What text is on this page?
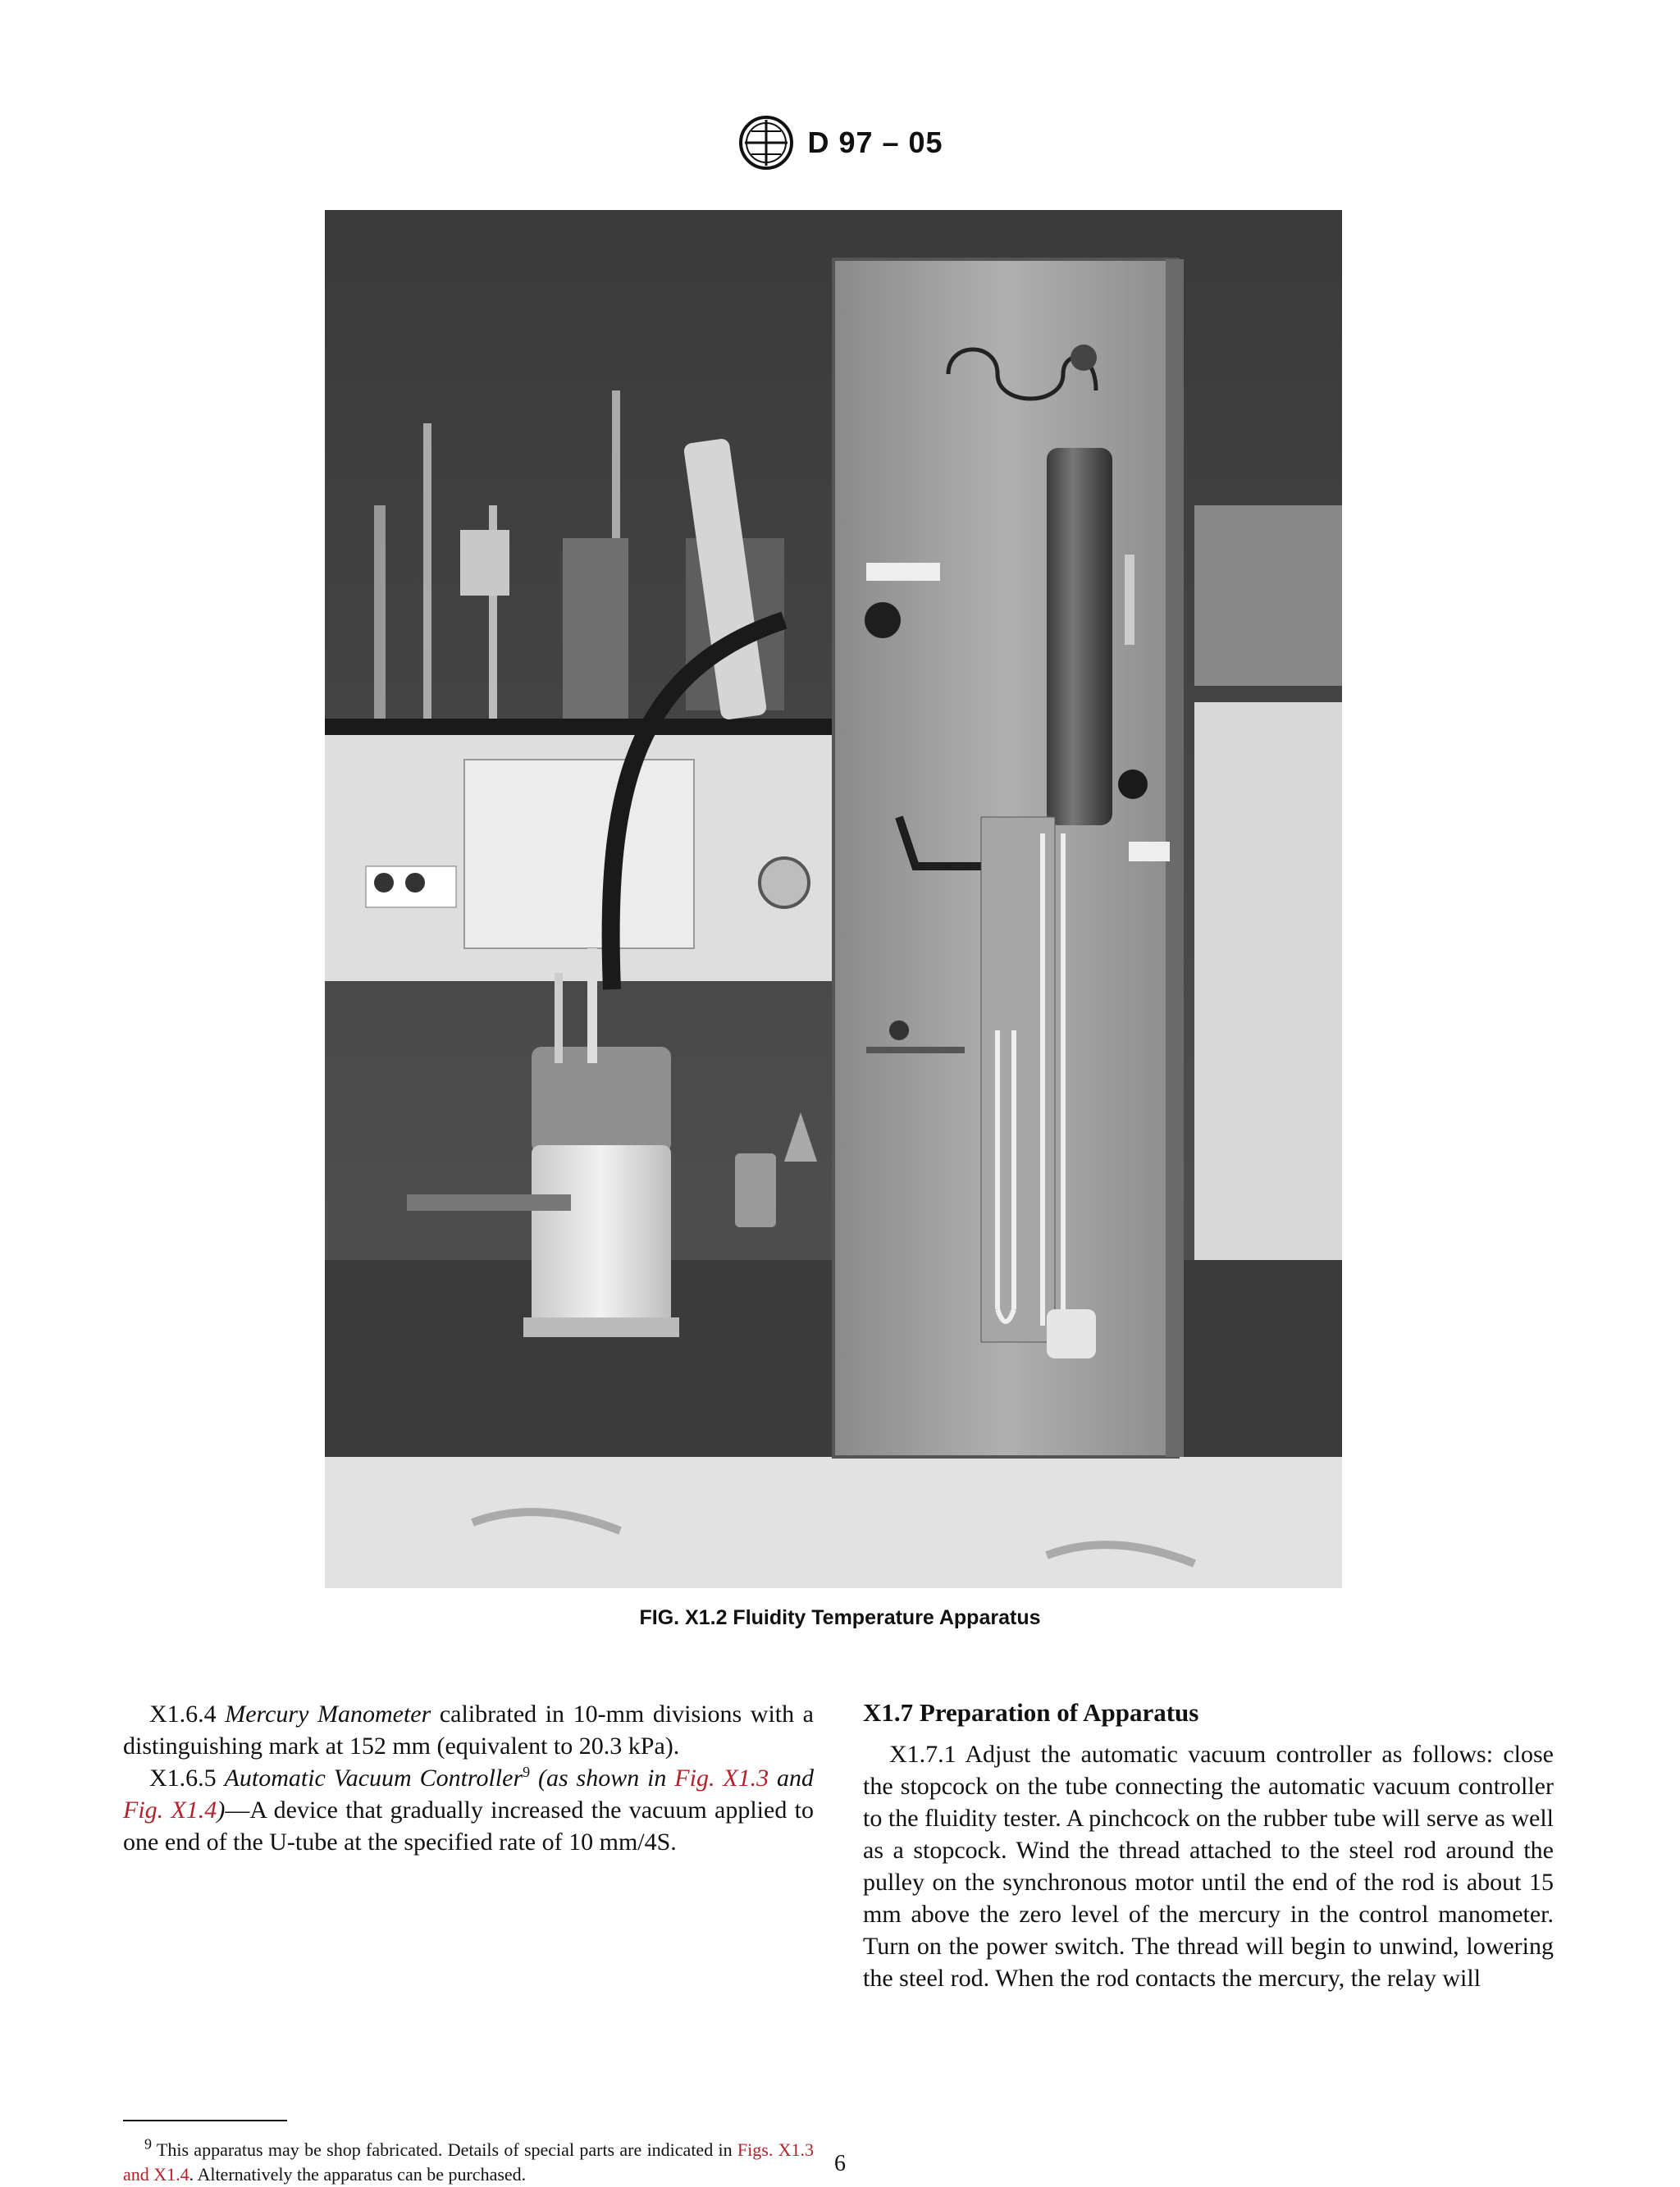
D 97 – 05
FIG. X1.2 Fluidity Temperature Apparatus

X1.6.4 Mercury Manometer calibrated in 10-mm divisions with a distinguishing mark at 152 mm (equivalent to 20.3 kPa).

X1.6.5 Automatic Vacuum Controller$^9$ (as shown in Fig. X1.3 and Fig. X1.4)—A device that gradually increased the vacuum applied to one end of the U-tube at the specified rate of 10 mm/4S.

X1.7 Preparation of Apparatus

X1.7.1 Adjust the automatic vacuum controller as follows: close the stopcock on the tube connecting the automatic vacuum controller to the fluidity tester. A pinchcock on the rubber tube will serve as well as a stopcock. Wind the thread attached to the steel rod around the pulley on the synchronous motor until the end of the rod is about 15 mm above the zero level of the mercury in the control manometer. Turn on the power switch. The thread will begin to unwind, lowering the steel rod. When the rod contacts the mercury, the relay will

$^9$ This apparatus may be shop fabricated. Details of special parts are indicated in Figs. X1.3 and X1.4. Alternatively the apparatus can be purchased.	6
